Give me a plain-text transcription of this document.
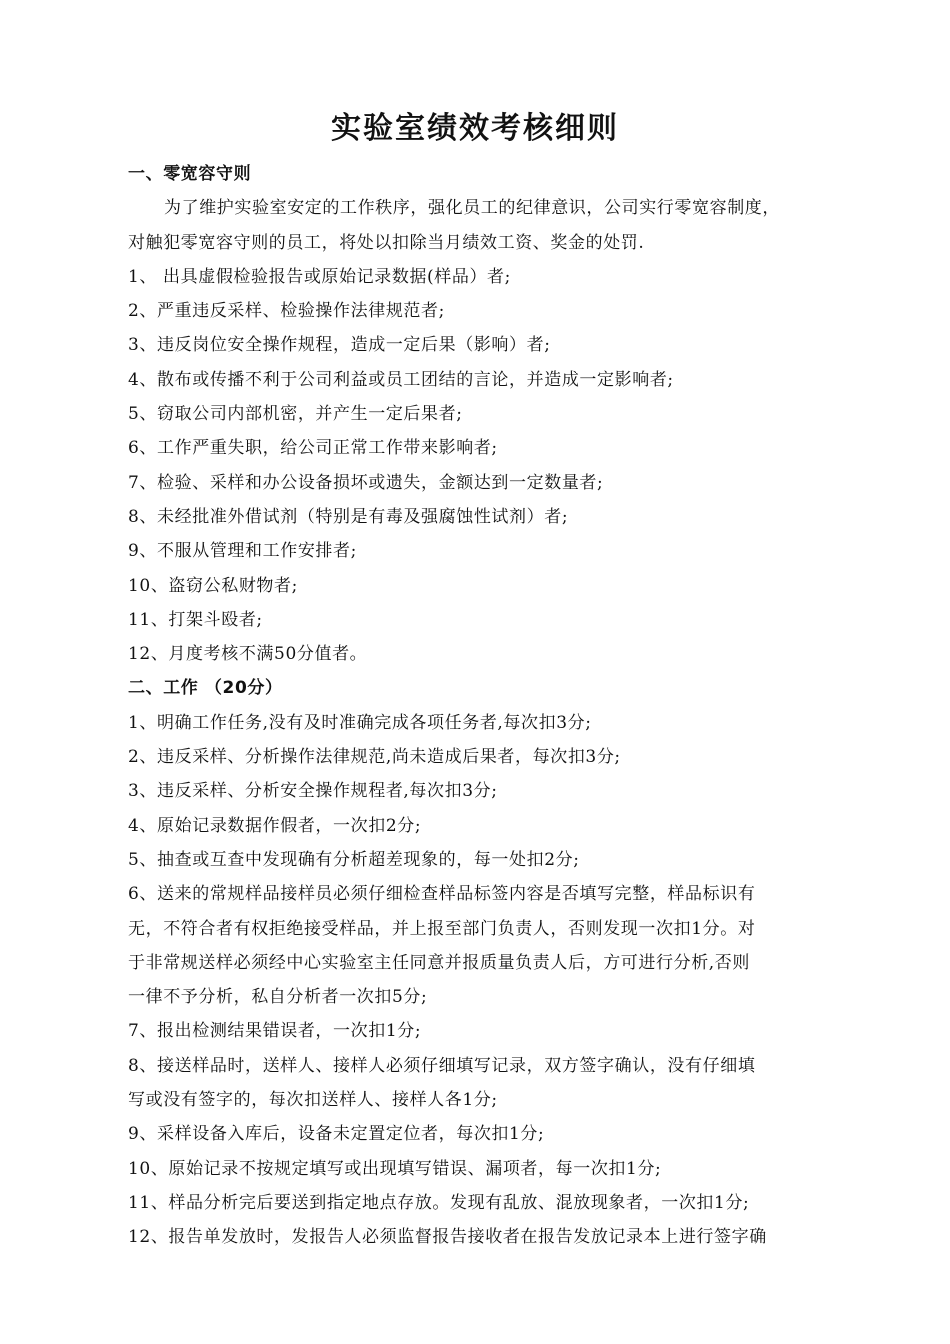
实验室绩效考核细则
一、零宽容守则
为了维护实验室安定的工作秩序，强化员工的纪律意识，公司实行零宽容制度，
对触犯零宽容守则的员工，将处以扣除当月绩效工资、奖金的处罚.
1、 出具虚假检验报告或原始记录数据(样品）者;
2、严重违反采样、检验操作法律规范者;
3、违反岗位安全操作规程，造成一定后果（影响）者;
4、散布或传播不利于公司利益或员工团结的言论，并造成一定影响者;
5、窃取公司内部机密，并产生一定后果者;
6、工作严重失职，给公司正常工作带来影响者;
7、检验、采样和办公设备损坏或遗失，金额达到一定数量者;
8、未经批准外借试剂（特别是有毒及强腐蚀性试剂）者;
9、不服从管理和工作安排者;
10、盗窃公私财物者;
11、打架斗殴者;
12、月度考核不满50分值者。
二、工作 （20分）
1、明确工作任务,没有及时准确完成各项任务者,每次扣3分;
2、违反采样、分析操作法律规范,尚未造成后果者，每次扣3分;
3、违反采样、分析安全操作规程者,每次扣3分;
4、原始记录数据作假者，一次扣2分;
5、抽查或互查中发现确有分析超差现象的，每一处扣2分;
6、送来的常规样品接样员必须仔细检查样品标签内容是否填写完整，样品标识有
无，不符合者有权拒绝接受样品，并上报至部门负责人，否则发现一次扣1分。对
于非常规送样必须经中心实验室主任同意并报质量负责人后，方可进行分析,否则
一律不予分析，私自分析者一次扣5分;
7、报出检测结果错误者，一次扣1分;
8、接送样品时，送样人、接样人必须仔细填写记录，双方签字确认，没有仔细填
写或没有签字的，每次扣送样人、接样人各1分;
9、采样设备入库后，设备未定置定位者，每次扣1分;
10、原始记录不按规定填写或出现填写错误、漏项者，每一次扣1分;
11、样品分析完后要送到指定地点存放。发现有乱放、混放现象者，一次扣1分;
12、报告单发放时，发报告人必须监督报告接收者在报告发放记录本上进行签字确
